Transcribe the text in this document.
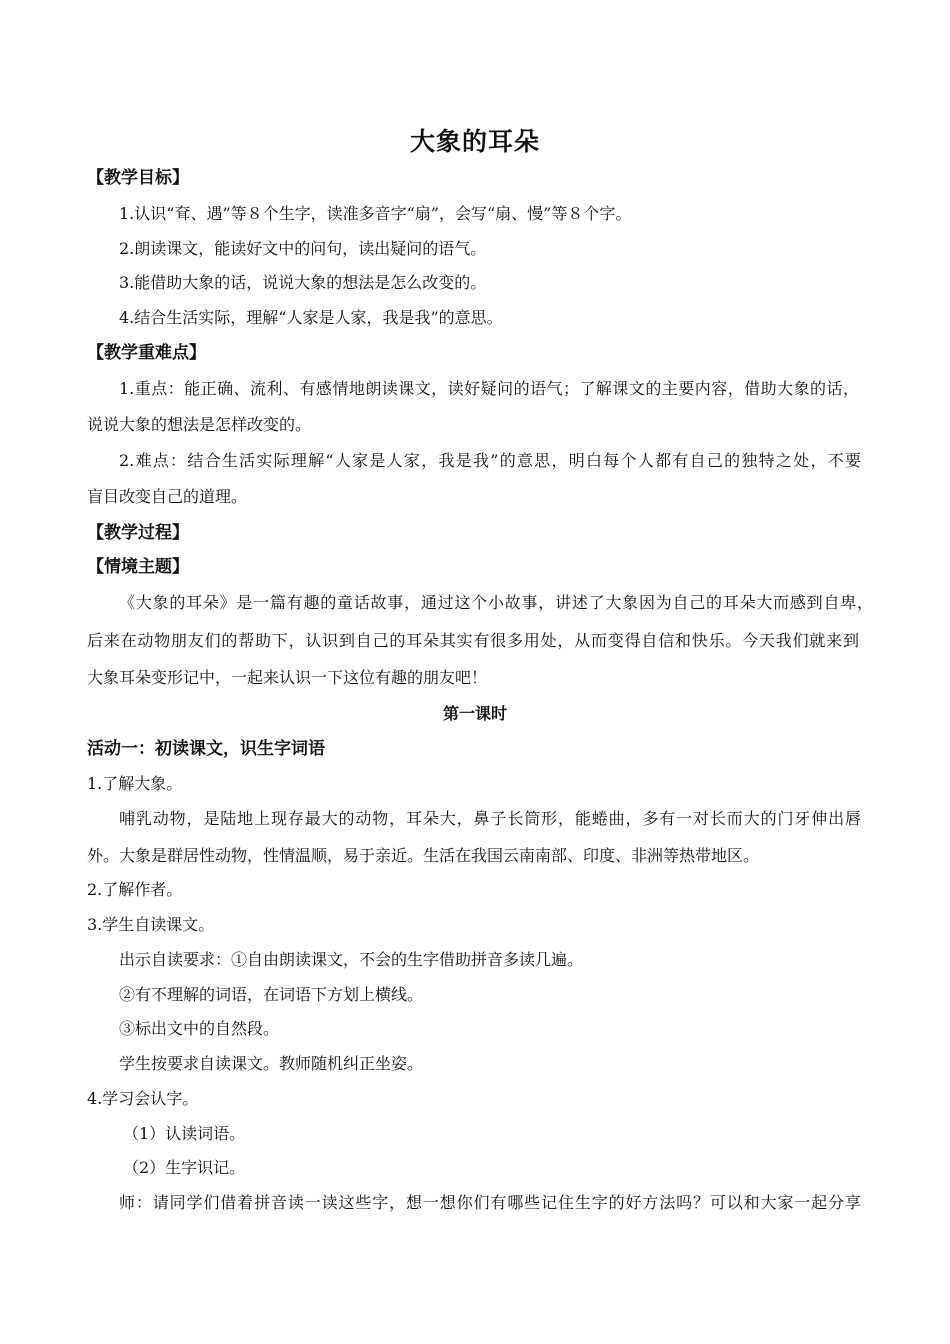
大象的耳朵
【教学目标】
1.认识“耷、遇”等８个生字，读准多音字“扇”，会写“扇、慢”等８个字。
2.朗读课文，能读好文中的问句，读出疑问的语气。
3.能借助大象的话，说说大象的想法是怎么改变的。
4.结合生活实际，理解“人家是人家，我是我”的意思。
【教学重难点】
1.重点：能正确、流利、有感情地朗读课文，读好疑问的语气；了解课文的主要内容，借助大象的话，
说说大象的想法是怎样改变的。
2.难点：结合生活实际理解“人家是人家，我是我”的意思，明白每个人都有自己的独特之处，不要
盲目改变自己的道理。
【教学过程】
【情境主题】
《大象的耳朵》是一篇有趣的童话故事，通过这个小故事，讲述了大象因为自己的耳朵大而感到自卑，
后来在动物朋友们的帮助下，认识到自己的耳朵其实有很多用处，从而变得自信和快乐。今天我们就来到
大象耳朵变形记中，一起来认识一下这位有趣的朋友吧！
第一课时
活动一：初读课文，识生字词语
1.了解大象。
哺乳动物，是陆地上现存最大的动物，耳朵大，鼻子长筒形，能蜷曲，多有一对长而大的门牙伸出唇
外。大象是群居性动物，性情温顺，易于亲近。生活在我国云南南部、印度、非洲等热带地区。
2.了解作者。
3.学生自读课文。
出示自读要求：①自由朗读课文，不会的生字借助拼音多读几遍。
②有不理解的词语，在词语下方划上横线。
③标出文中的自然段。
学生按要求自读课文。教师随机纠正坐姿。
4.学习会认字。
（1）认读词语。
（2）生字识记。
师：请同学们借着拼音读一读这些字，想一想你们有哪些记住生字的好方法吗？可以和大家一起分享
